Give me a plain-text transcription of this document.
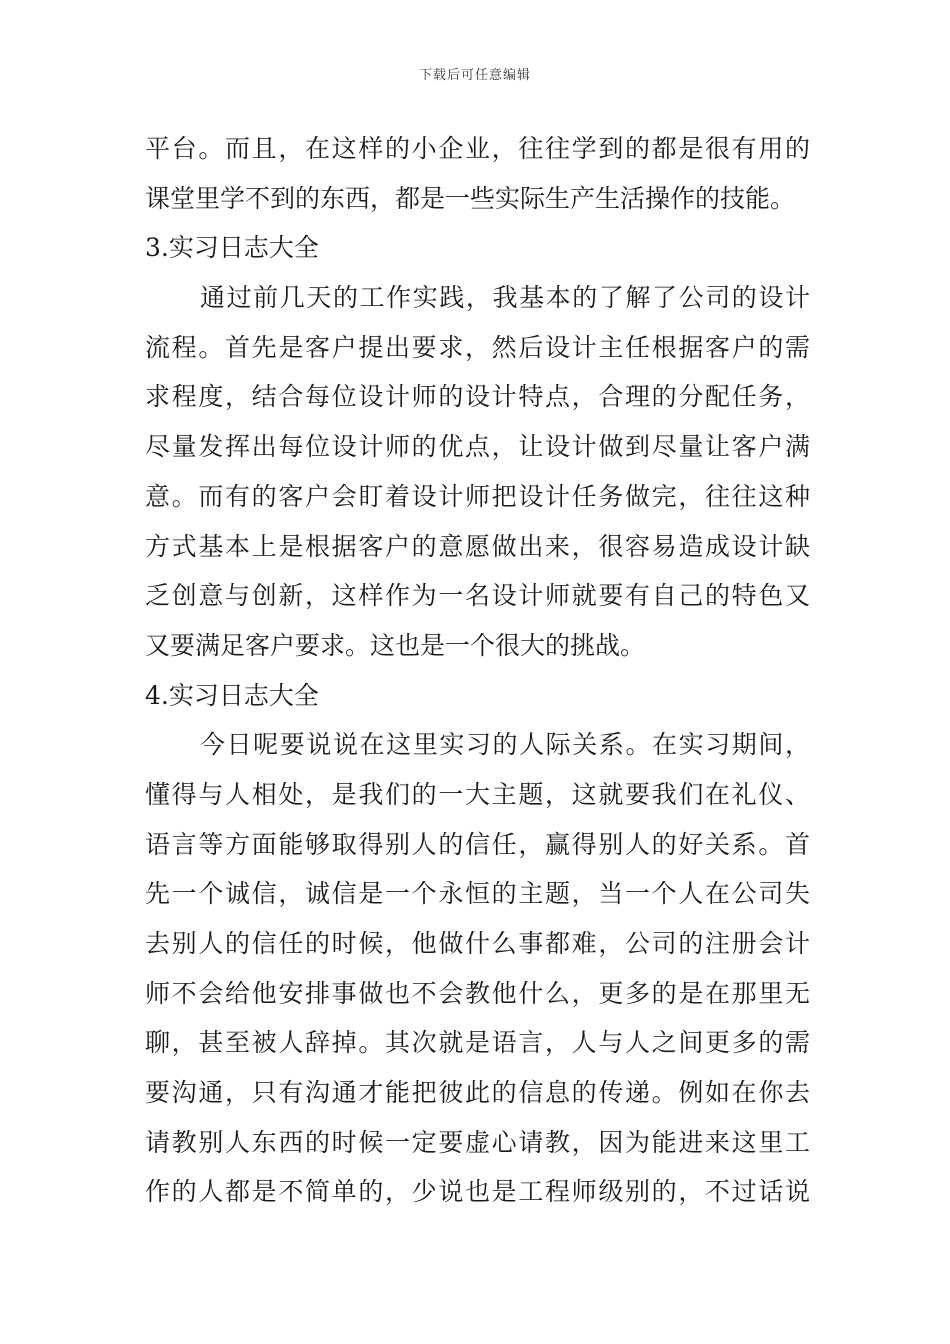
下载后可任意编辑
平台。而且，在这样的小企业，往往学到的都是很有用的
课堂里学不到的东西，都是一些实际生产生活操作的技能。
3.实习日志大全
通过前几天的工作实践，我基本的了解了公司的设计
流程。首先是客户提出要求，然后设计主任根据客户的需
求程度，结合每位设计师的设计特点，合理的分配任务，
尽量发挥出每位设计师的优点，让设计做到尽量让客户满
意。而有的客户会盯着设计师把设计任务做完，往往这种
方式基本上是根据客户的意愿做出来，很容易造成设计缺
乏创意与创新，这样作为一名设计师就要有自己的特色又
又要满足客户要求。这也是一个很大的挑战。
4.实习日志大全
今日呢要说说在这里实习的人际关系。在实习期间，
懂得与人相处，是我们的一大主题，这就要我们在礼仪、
语言等方面能够取得别人的信任，赢得别人的好关系。首
先一个诚信，诚信是一个永恒的主题，当一个人在公司失
去别人的信任的时候，他做什么事都难，公司的注册会计
师不会给他安排事做也不会教他什么，更多的是在那里无
聊，甚至被人辞掉。其次就是语言，人与人之间更多的需
要沟通，只有沟通才能把彼此的信息的传递。例如在你去
请教别人东西的时候一定要虚心请教，因为能进来这里工
作的人都是不简单的，少说也是工程师级别的，不过话说
